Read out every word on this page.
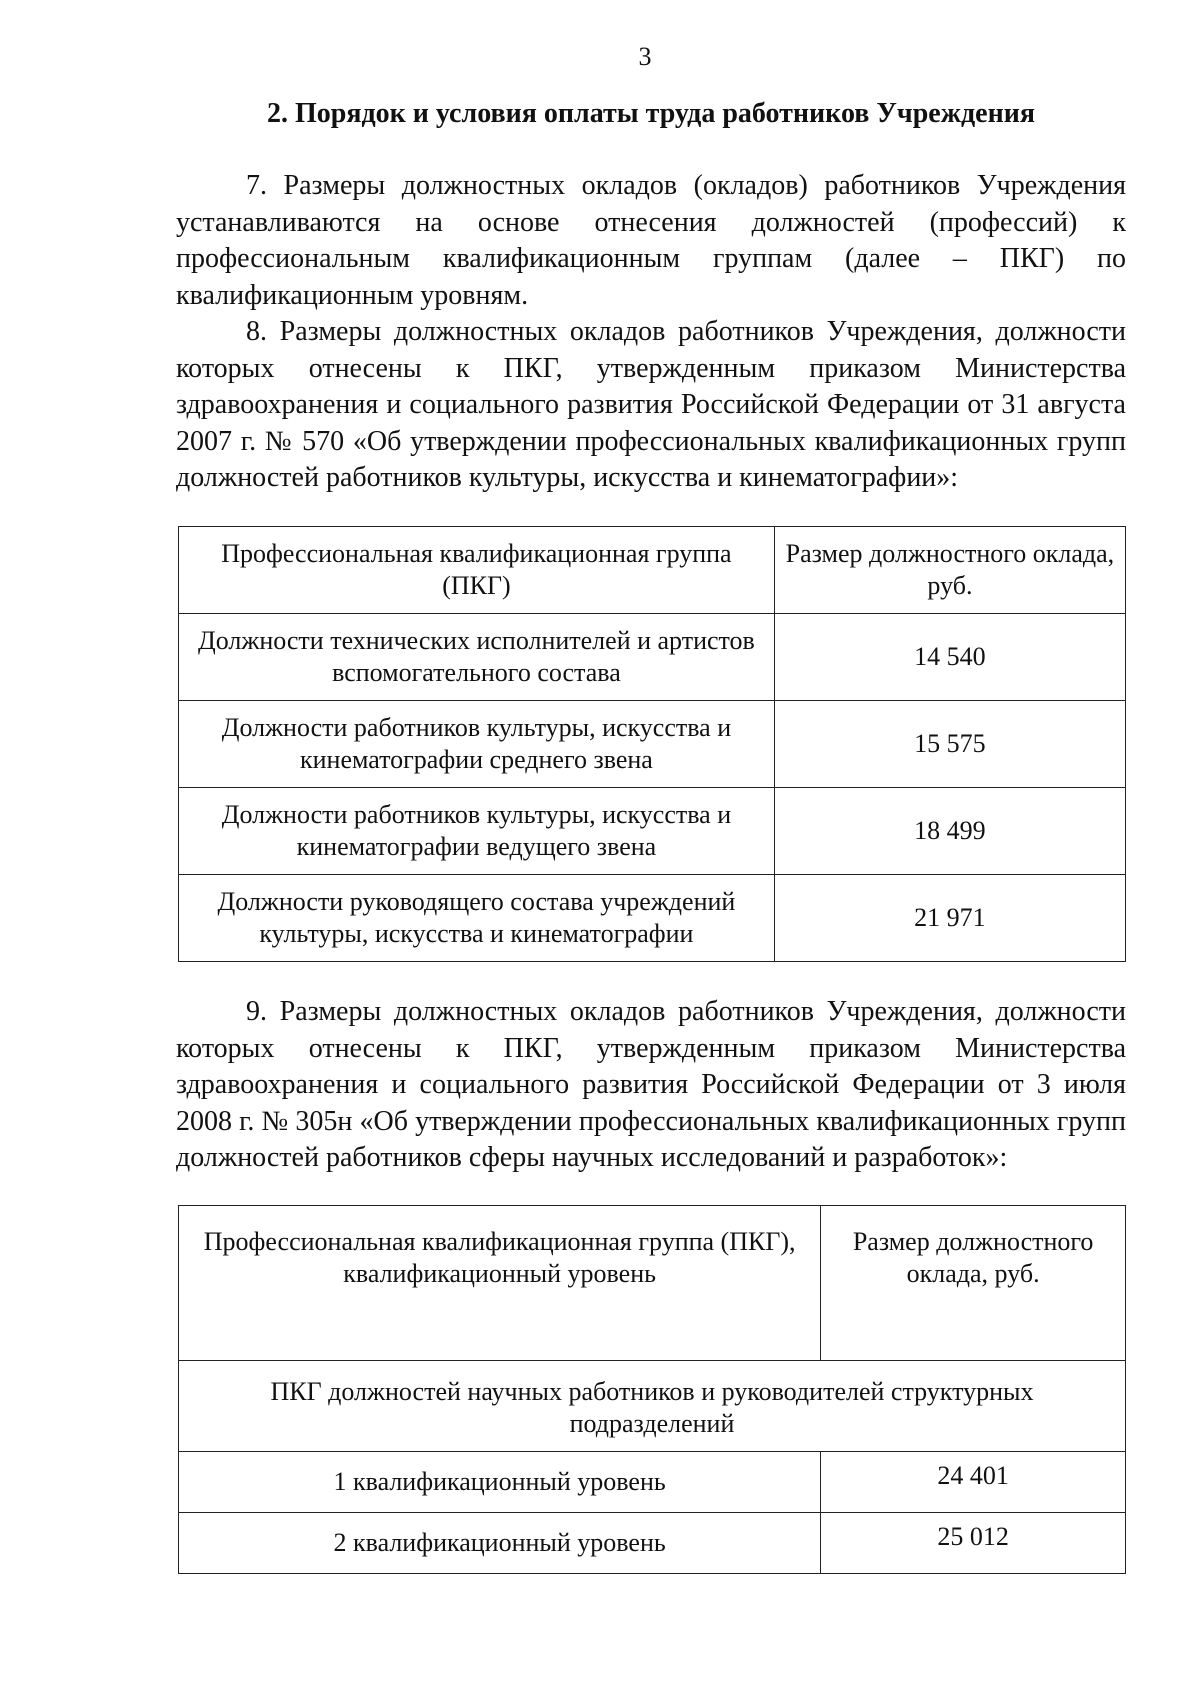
3
2. Порядок и условия оплаты труда работников Учреждения

7. Размеры должностных окладов (окладов) работников Учреждения устанавливаются на основе отнесения должностей (профессий) к профессиональным квалификационным группам (далее – ПКГ) по квалификационным уровням.

8. Размеры должностных окладов работников Учреждения, должности которых отнесены к ПКГ, утвержденным приказом Министерства здравоохранения и социального развития Российской Федерации от 31 августа 2007 г. № 570 «Об утверждении профессиональных квалификационных групп должностей работников культуры, искусства и кинематографии»:

Профессиональная квалификационная группа (ПКГ)	Размер должностного оклада, руб.
Должности технических исполнителей и артистов вспомогательного состава	14 540
Должности работников культуры, искусства и кинематографии среднего звена	15 575
Должности работников культуры, искусства и кинематографии ведущего звена	18 499
Должности руководящего состава учреждений культуры, искусства и кинематографии	21 971

9. Размеры должностных окладов работников Учреждения, должности которых отнесены к ПКГ, утвержденным приказом Министерства здравоохранения и социального развития Российской Федерации от 3 июля 2008 г. № 305н «Об утверждении профессиональных квалификационных групп должностей работников сферы научных исследований и разработок»:

Профессиональная квалификационная группа (ПКГ), квалификационный уровень	Размер должностного оклада, руб.
ПКГ должностей научных работников и руководителей структурных подразделений	
1 квалификационный уровень	24 401
2 квалификационный уровень	25 012
